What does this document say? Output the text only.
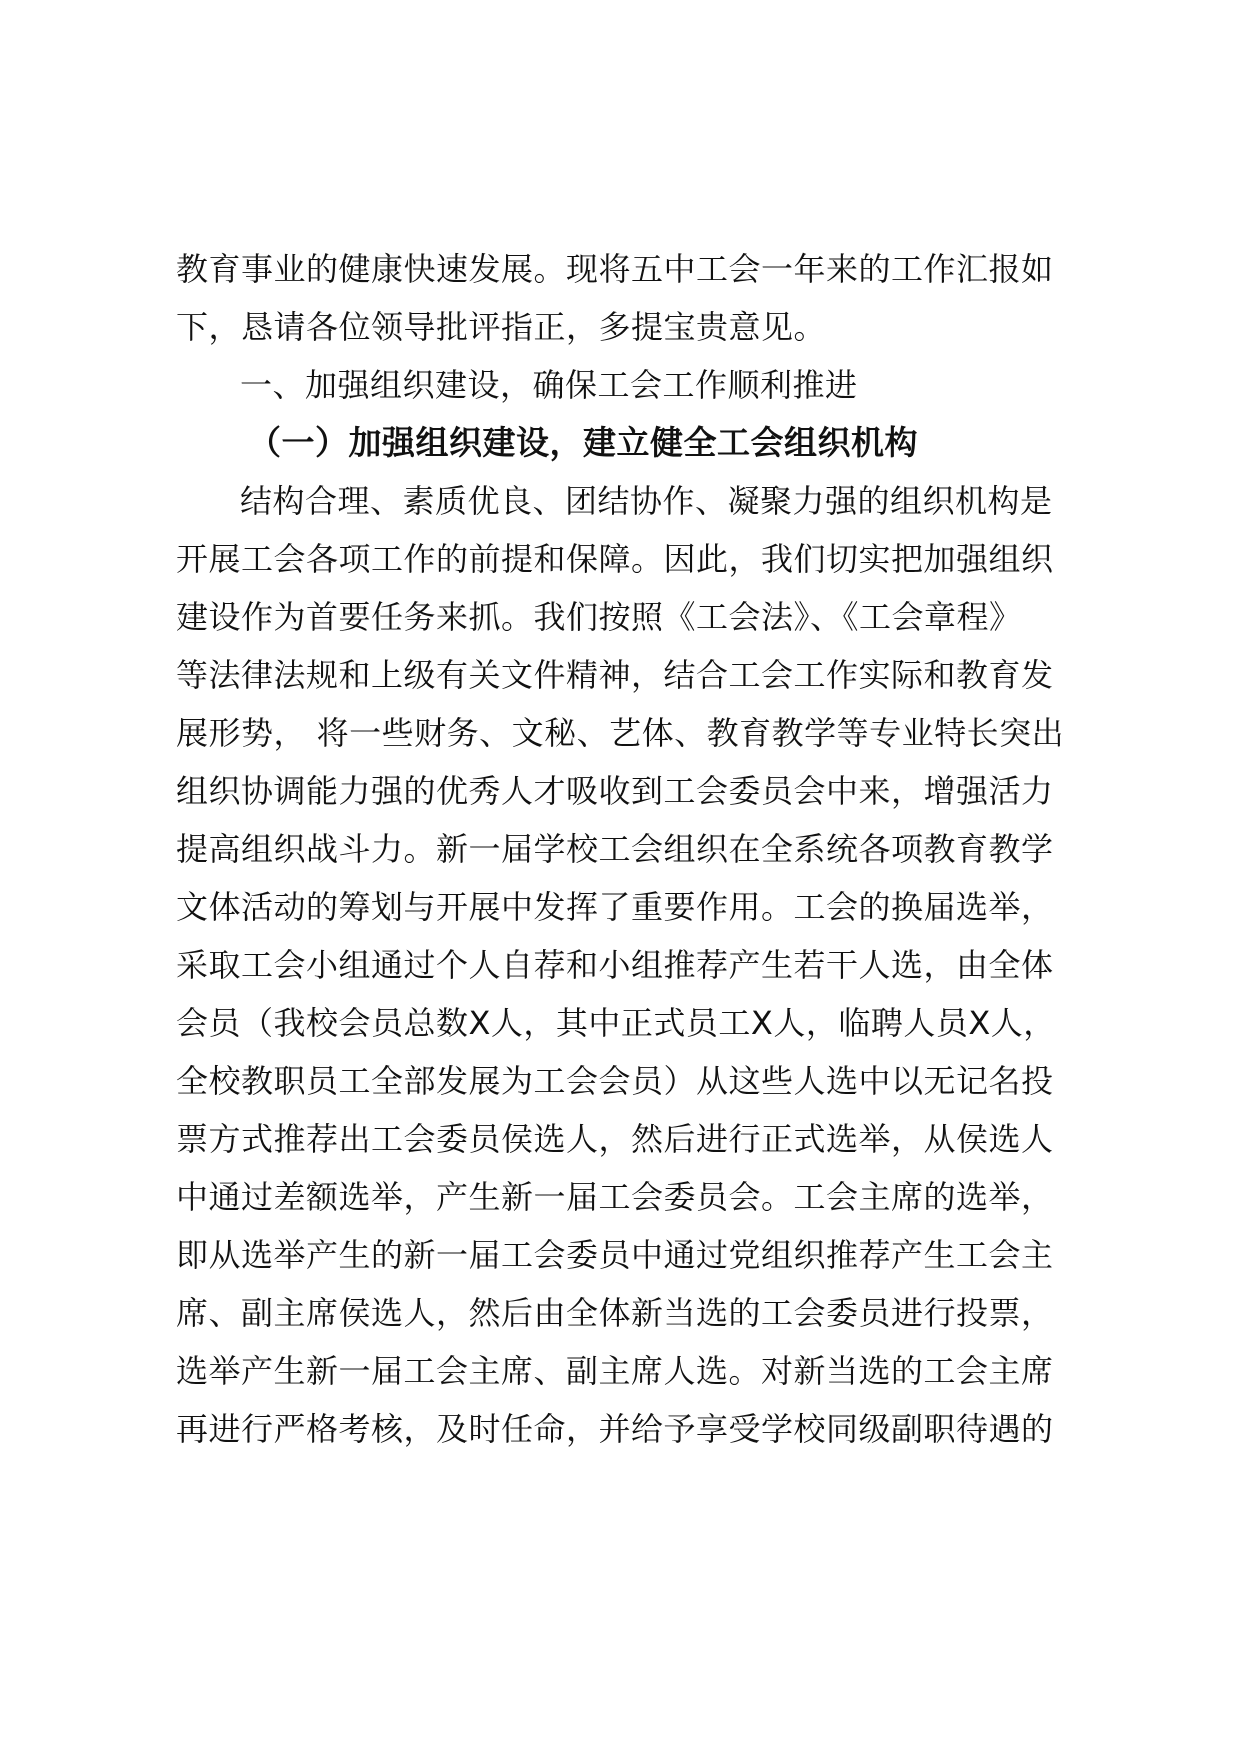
教育事业的健康快速发展。现将五中工会一年来的工作汇报如
下，恳请各位领导批评指正，多提宝贵意见。
一、加强组织建设，确保工会工作顺利推进
（一）加强组织建设，建立健全工会组织机构
结构合理、素质优良、团结协作、凝聚力强的组织机构是
开展工会各项工作的前提和保障。因此，我们切实把加强组织
建设作为首要任务来抓。我们按照《工会法》、《工会章程》
等法律法规和上级有关文件精神，结合工会工作实际和教育发
展形势， 将一些财务、文秘、艺体、教育教学等专业特长突出
组织协调能力强的优秀人才吸收到工会委员会中来，增强活力
提高组织战斗力。新一届学校工会组织在全系统各项教育教学
文体活动的筹划与开展中发挥了重要作用。工会的换届选举，
采取工会小组通过个人自荐和小组推荐产生若干人选，由全体
会员（我校会员总数X人，其中正式员工X人，临聘人员X人，
全校教职员工全部发展为工会会员）从这些人选中以无记名投
票方式推荐出工会委员侯选人，然后进行正式选举，从侯选人
中通过差额选举，产生新一届工会委员会。工会主席的选举，
即从选举产生的新一届工会委员中通过党组织推荐产生工会主
席、副主席侯选人，然后由全体新当选的工会委员进行投票，
选举产生新一届工会主席、副主席人选。对新当选的工会主席
再进行严格考核，及时任命，并给予享受学校同级副职待遇的
